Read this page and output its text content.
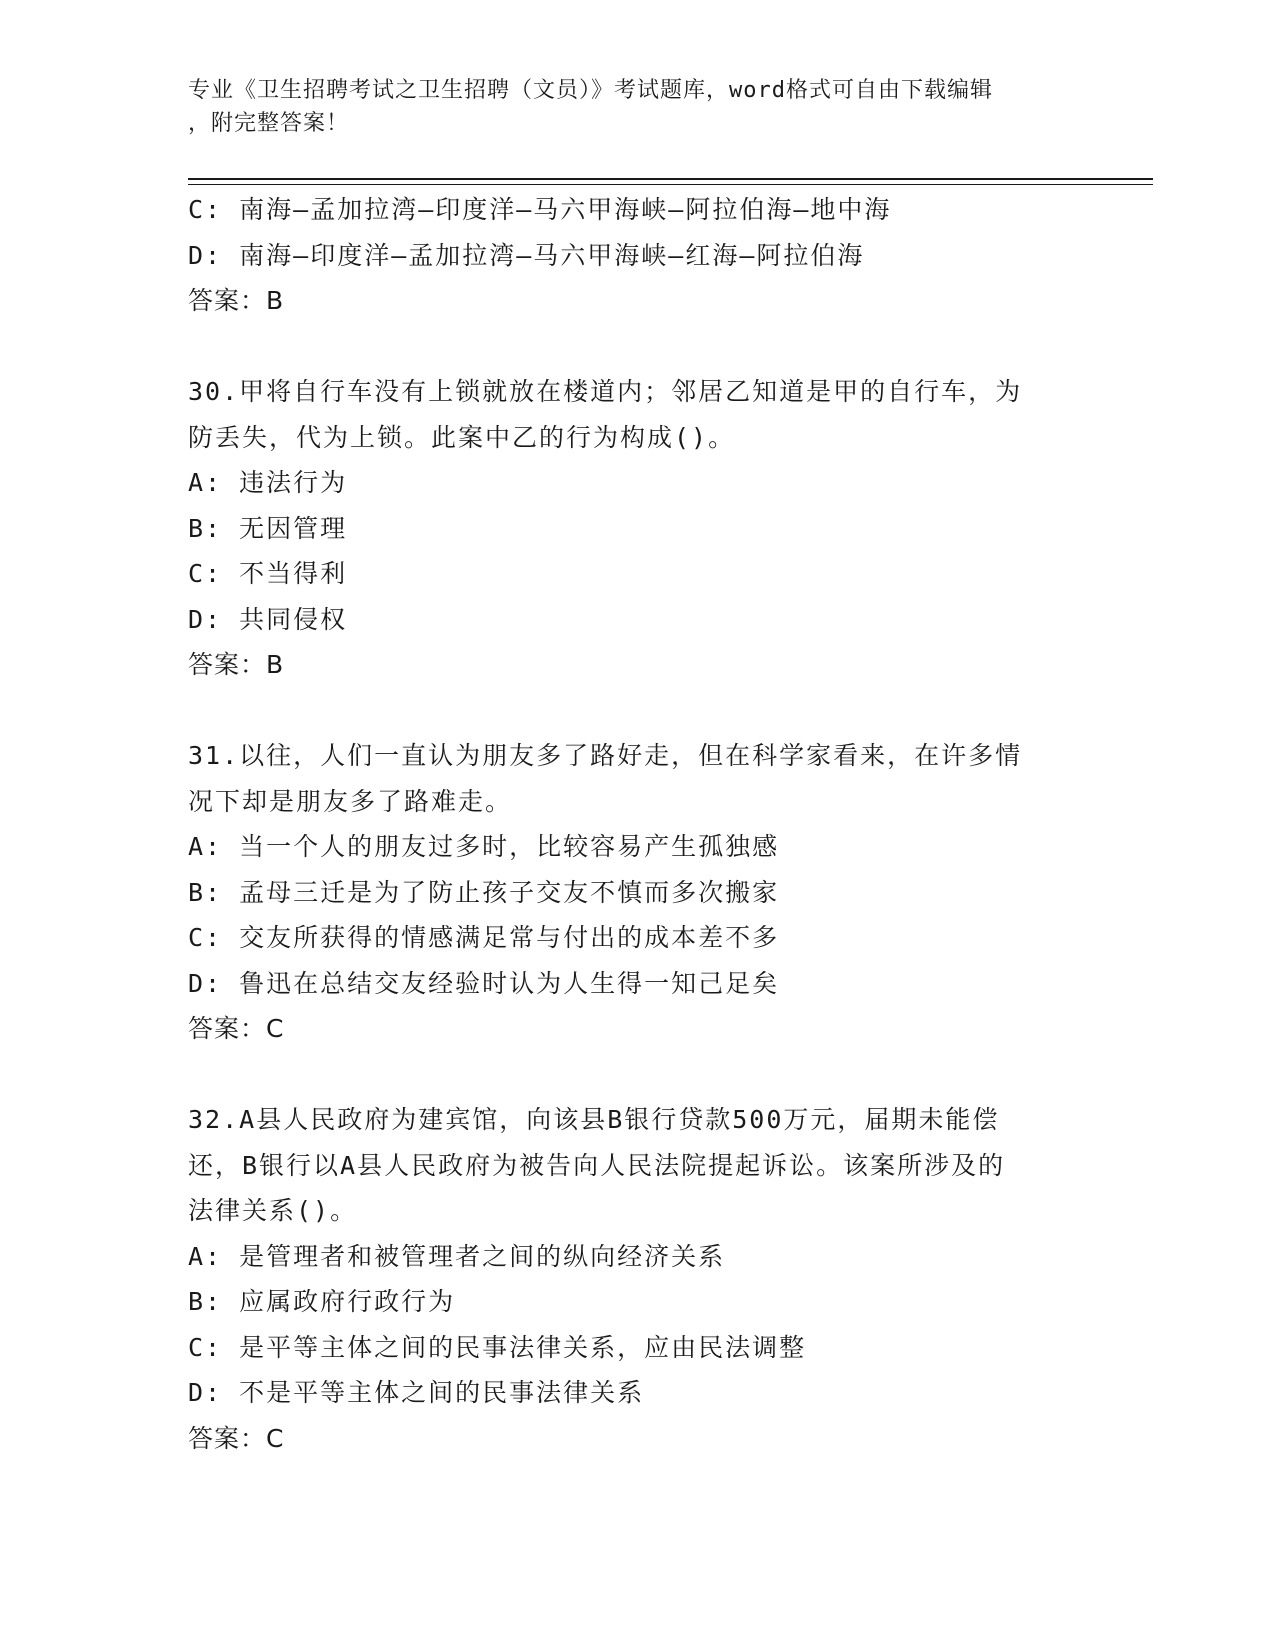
专业《卫生招聘考试之卫生招聘（文员）》考试题库，word格式可自由下载编辑
，附完整答案！
C: 南海—孟加拉湾—印度洋—马六甲海峡—阿拉伯海—地中海
D: 南海—印度洋—孟加拉湾—马六甲海峡—红海—阿拉伯海
答案：B
30.甲将自行车没有上锁就放在楼道内；邻居乙知道是甲的自行车，为
防丢失，代为上锁。此案中乙的行为构成()。
A: 违法行为
B: 无因管理
C: 不当得利
D: 共同侵权
答案：B
31.以往，人们一直认为朋友多了路好走，但在科学家看来，在许多情
况下却是朋友多了路难走。
A: 当一个人的朋友过多时，比较容易产生孤独感
B: 孟母三迁是为了防止孩子交友不慎而多次搬家
C: 交友所获得的情感满足常与付出的成本差不多
D: 鲁迅在总结交友经验时认为人生得一知己足矣
答案：C
32.A县人民政府为建宾馆，向该县B银行贷款500万元，届期未能偿
还，B银行以A县人民政府为被告向人民法院提起诉讼。该案所涉及的
法律关系()。
A: 是管理者和被管理者之间的纵向经济关系
B: 应属政府行政行为
C: 是平等主体之间的民事法律关系，应由民法调整
D: 不是平等主体之间的民事法律关系
答案：C
